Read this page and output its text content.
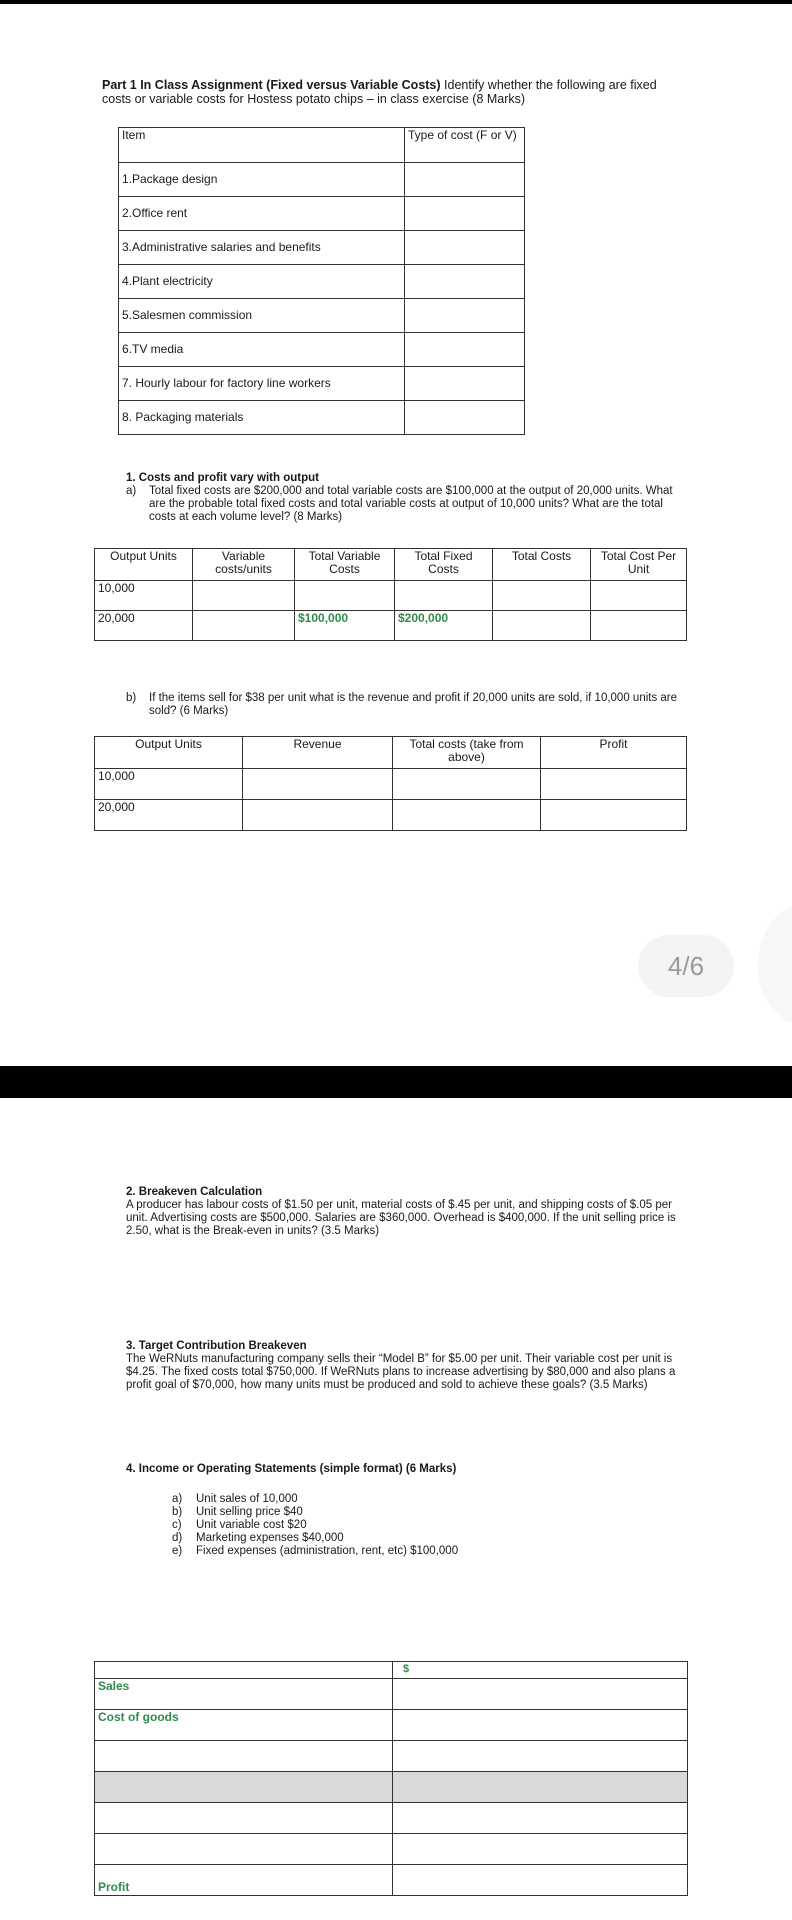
Part 1 In Class Assignment (Fixed versus Variable Costs) Identify whether the following are fixed costs or variable costs for Hostess potato chips – in class exercise (8 Marks)
Item	Type of cost (F or V)
1.Package design	
2.Office rent	
3.Administrative salaries and benefits	
4.Plant electricity	
5.Salesmen commission	
6.TV media	
7. Hourly labour for factory line workers	
8. Packaging materials	
1. Costs and profit vary with output
a) Total fixed costs are $200,000 and total variable costs are $100,000 at the output of 20,000 units. What are the probable total fixed costs and total variable costs at output of 10,000 units? What are the total costs at each volume level? (8 Marks)
Output Units	Variable costs/units	Total Variable Costs	Total Fixed Costs	Total Costs	Total Cost Per Unit
10,000					
20,000		$100,000	$200,000		
b) If the items sell for $38 per unit what is the revenue and profit if 20,000 units are sold, if 10,000 units are sold? (6 Marks)
Output Units	Revenue	Total costs (take from above)	Profit
10,000			
20,000			
4/6
2. Breakeven Calculation
A producer has labour costs of $1.50 per unit, material costs of $.45 per unit, and shipping costs of $.05 per unit. Advertising costs are $500,000. Salaries are $360,000. Overhead is $400,000. If the unit selling price is 2.50, what is the Break-even in units? (3.5 Marks)
3. Target Contribution Breakeven
The WeRNuts manufacturing company sells their “Model B” for $5.00 per unit. Their variable cost per unit is $4.25. The fixed costs total $750,000. If WeRNuts plans to increase advertising by $80,000 and also plans a profit goal of $70,000, how many units must be produced and sold to achieve these goals? (3.5 Marks)
4. Income or Operating Statements (simple format) (6 Marks)
a) Unit sales of 10,000
b) Unit selling price $40
c) Unit variable cost $20
d) Marketing expenses $40,000
e) Fixed expenses (administration, rent, etc) $100,000
	$
Sales	
Cost of goods	

Profit	
